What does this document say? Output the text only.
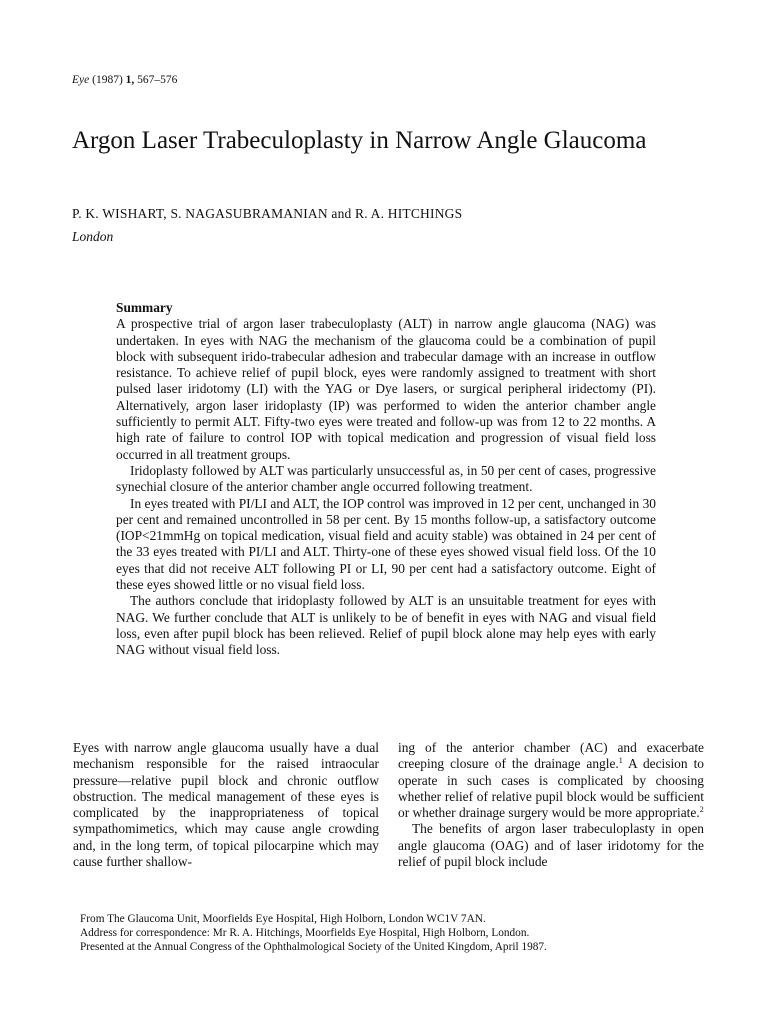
Eye (1987) 1, 567–576
Argon Laser Trabeculoplasty in Narrow Angle Glaucoma
P. K. WISHART, S. NAGASUBRAMANIAN and R. A. HITCHINGS
London

Summary

A prospective trial of argon laser trabeculoplasty (ALT) in narrow angle glaucoma (NAG) was undertaken. In eyes with NAG the mechanism of the glaucoma could be a combination of pupil block with subsequent irido-trabecular adhesion and trabecular damage with an increase in outflow resistance. To achieve relief of pupil block, eyes were randomly assigned to treatment with short pulsed laser iridotomy (LI) with the YAG or Dye lasers, or surgical peripheral iridectomy (PI). Alternatively, argon laser iridoplasty (IP) was performed to widen the anterior chamber angle sufficiently to permit ALT. Fifty-two eyes were treated and follow-up was from 12 to 22 months. A high rate of failure to control IOP with topical medication and progression of visual field loss occurred in all treatment groups.

Iridoplasty followed by ALT was particularly unsuccessful as, in 50 per cent of cases, progressive synechial closure of the anterior chamber angle occurred following treatment.

In eyes treated with PI/LI and ALT, the IOP control was improved in 12 per cent, unchanged in 30 per cent and remained uncontrolled in 58 per cent. By 15 months follow-up, a satisfactory outcome (IOP<21mmHg on topical medication, visual field and acuity stable) was obtained in 24 per cent of the 33 eyes treated with PI/LI and ALT. Thirty-one of these eyes showed visual field loss. Of the 10 eyes that did not receive ALT following PI or LI, 90 per cent had a satisfactory outcome. Eight of these eyes showed little or no visual field loss.

The authors conclude that iridoplasty followed by ALT is an unsuitable treatment for eyes with NAG. We further conclude that ALT is unlikely to be of benefit in eyes with NAG and visual field loss, even after pupil block has been relieved. Relief of pupil block alone may help eyes with early NAG without visual field loss.

Eyes with narrow angle glaucoma usually have a dual mechanism responsible for the raised intraocular pressure—relative pupil block and chronic outflow obstruction. The medical management of these eyes is complicated by the inappropriateness of topical sympathomimetics, which may cause angle crowding and, in the long term, of topical pilocarpine which may cause further shallow-

ing of the anterior chamber (AC) and exacerbate creeping closure of the drainage angle.$^1$ A decision to operate in such cases is complicated by choosing whether relief of relative pupil block would be sufficient or whether drainage surgery would be more appropriate.$^2$

The benefits of argon laser trabeculoplasty in open angle glaucoma (OAG) and of laser iridotomy for the relief of pupil block include

From The Glaucoma Unit, Moorfields Eye Hospital, High Holborn, London WC1V 7AN.

Address for correspondence: Mr R. A. Hitchings, Moorfields Eye Hospital, High Holborn, London.

Presented at the Annual Congress of the Ophthalmological Society of the United Kingdom, April 1987.
